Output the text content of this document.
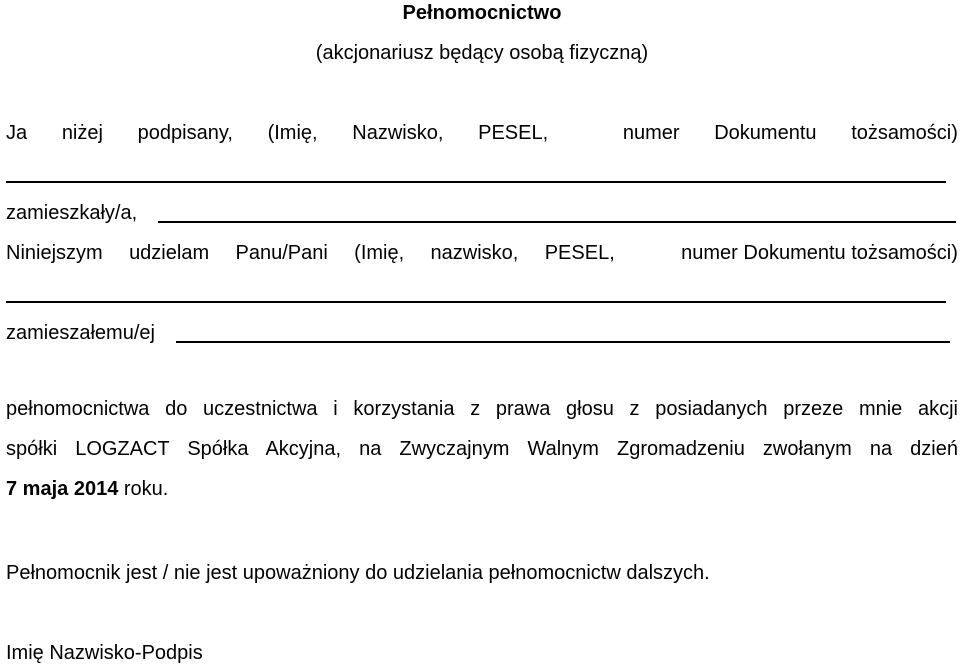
Pełnomocnictwo
(akcjonariusz będący osobą fizyczną)
Ja niżej podpisany, (Imię, Nazwisko, PESEL,	numer Dokumentu tożsamości)
zamieszkały/a,
Niniejszym udzielam Panu/Pani (Imię, nazwisko, PESEL,	numer Dokumentu tożsamości)
zamieszałemu/ej
pełnomocnictwa do uczestnictwa i korzystania z prawa głosu z posiadanych przeze mnie akcji
spółki LOGZACT Spółka Akcyjna, na Zwyczajnym Walnym Zgromadzeniu zwołanym na dzień
7 maja 2014 roku.
Pełnomocnik jest / nie jest upoważniony do udzielania pełnomocnictw dalszych.
Imię Nazwisko-Podpis
